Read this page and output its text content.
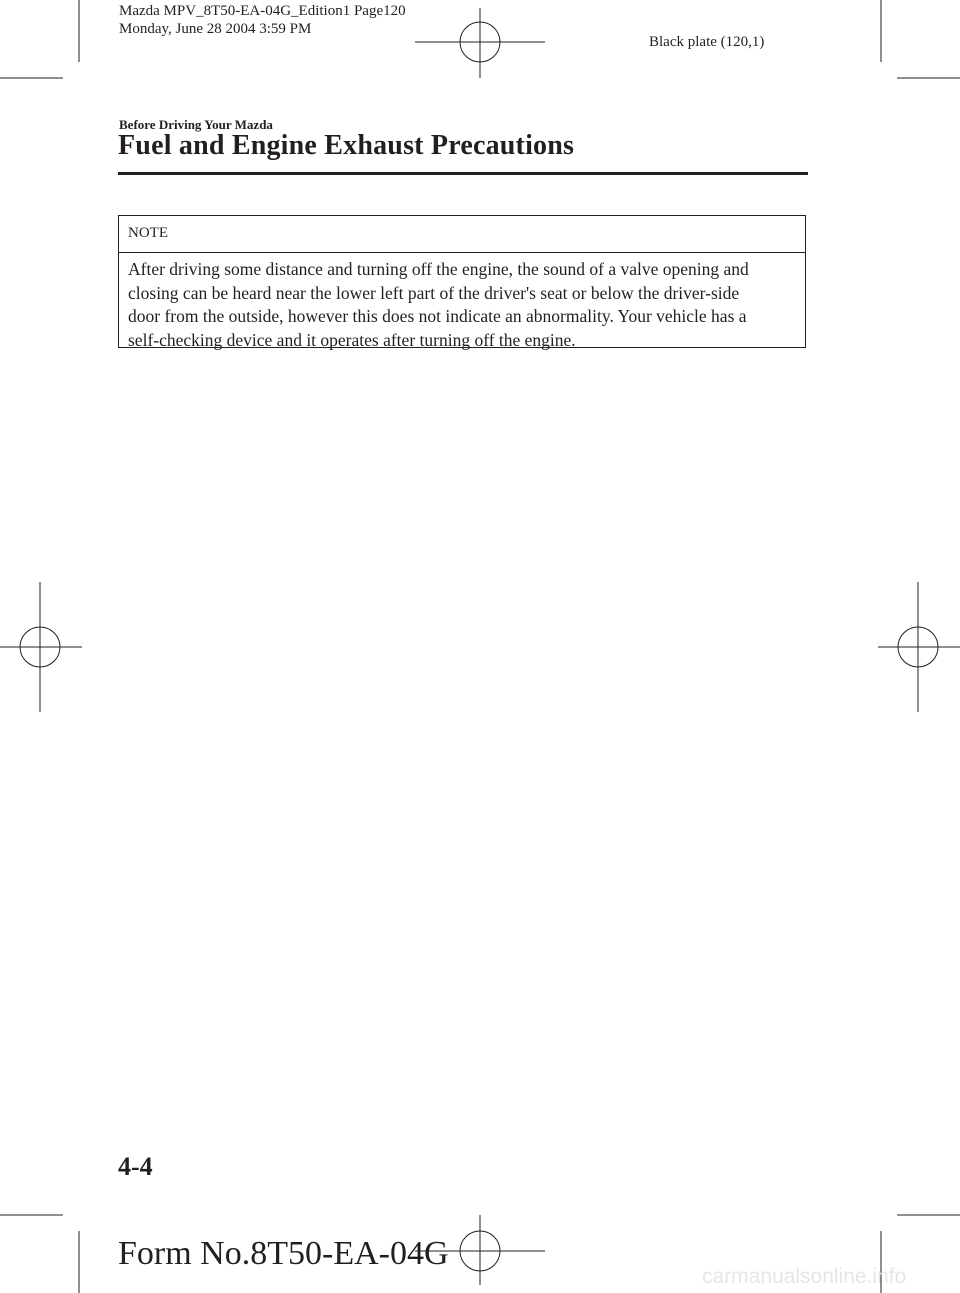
Mazda MPV_8T50-EA-04G_Edition1 Page120
Monday, June 28 2004 3:59 PM
Black plate (120,1)
Before Driving Your Mazda
Fuel and Engine Exhaust Precautions
NOTE
After driving some distance and turning off the engine, the sound of a valve opening and
closing can be heard near the lower left part of the driver's seat or below the driver-side
door from the outside, however this does not indicate an abnormality. Your vehicle has a
self-checking device and it operates after turning off the engine.
4-4
Form No.8T50-EA-04G
carmanualsonline.info
